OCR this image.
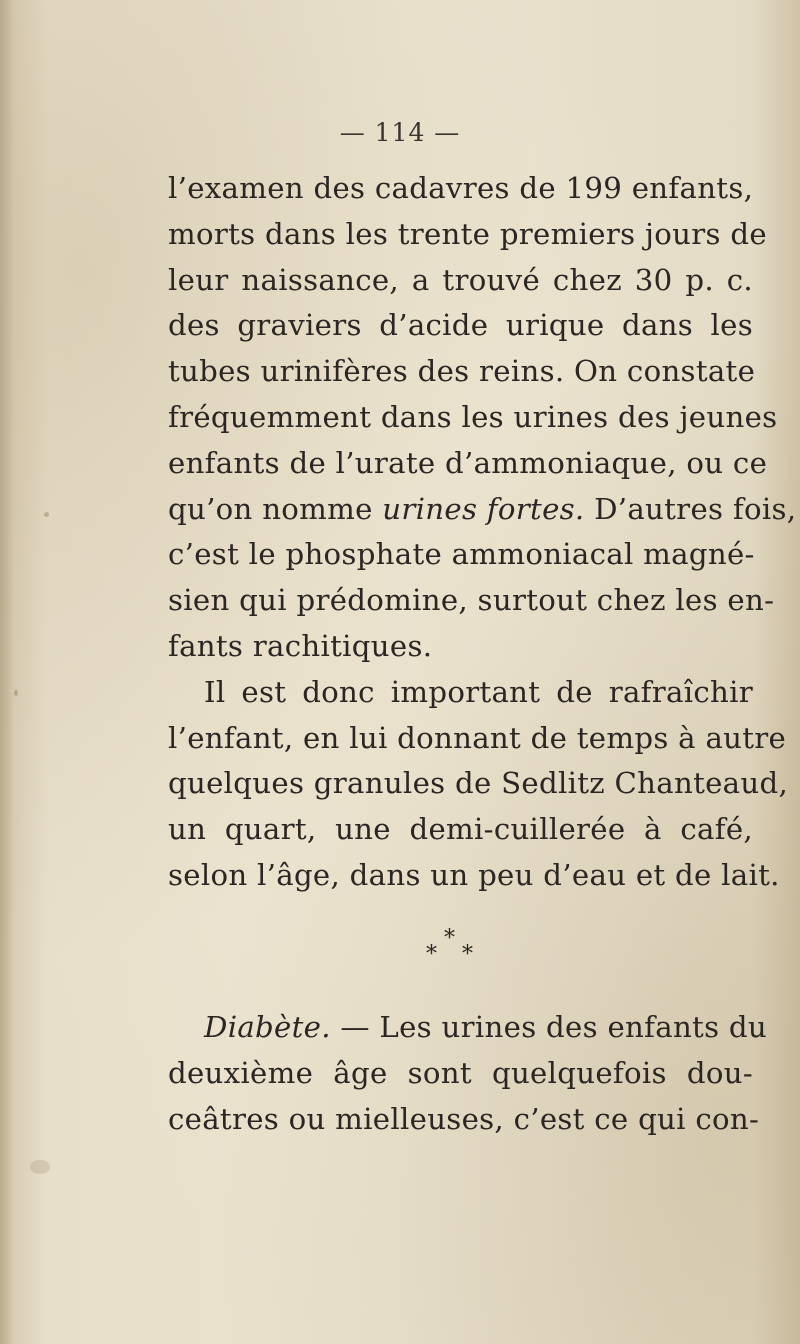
— 114 —
l’examen des cadavres de 199 enfants,
morts dans les trente premiers jours de
leur naissance, a trouvé chez 30 p. c.
des graviers d’acide urique dans les
tubes urinifères des reins. On constate
fréquemment dans les urines des jeunes
enfants de l’urate d’ammoniaque, ou ce
qu’on nomme urines fortes. D’autres fois,
c’est le phosphate ammoniacal magné-
sien qui prédomine, surtout chez les en-
fants rachitiques.
Il est donc important de rafraîchir
l’enfant, en lui donnant de temps à autre
quelques granules de Sedlitz Chanteaud,
un quart, une demi-cuillerée à café,
selon l’âge, dans un peu d’eau et de lait.
*
* *
Diabète. — Les urines des enfants du
deuxième âge sont quelquefois dou-
ceâtres ou mielleuses, c’est ce qui con-
